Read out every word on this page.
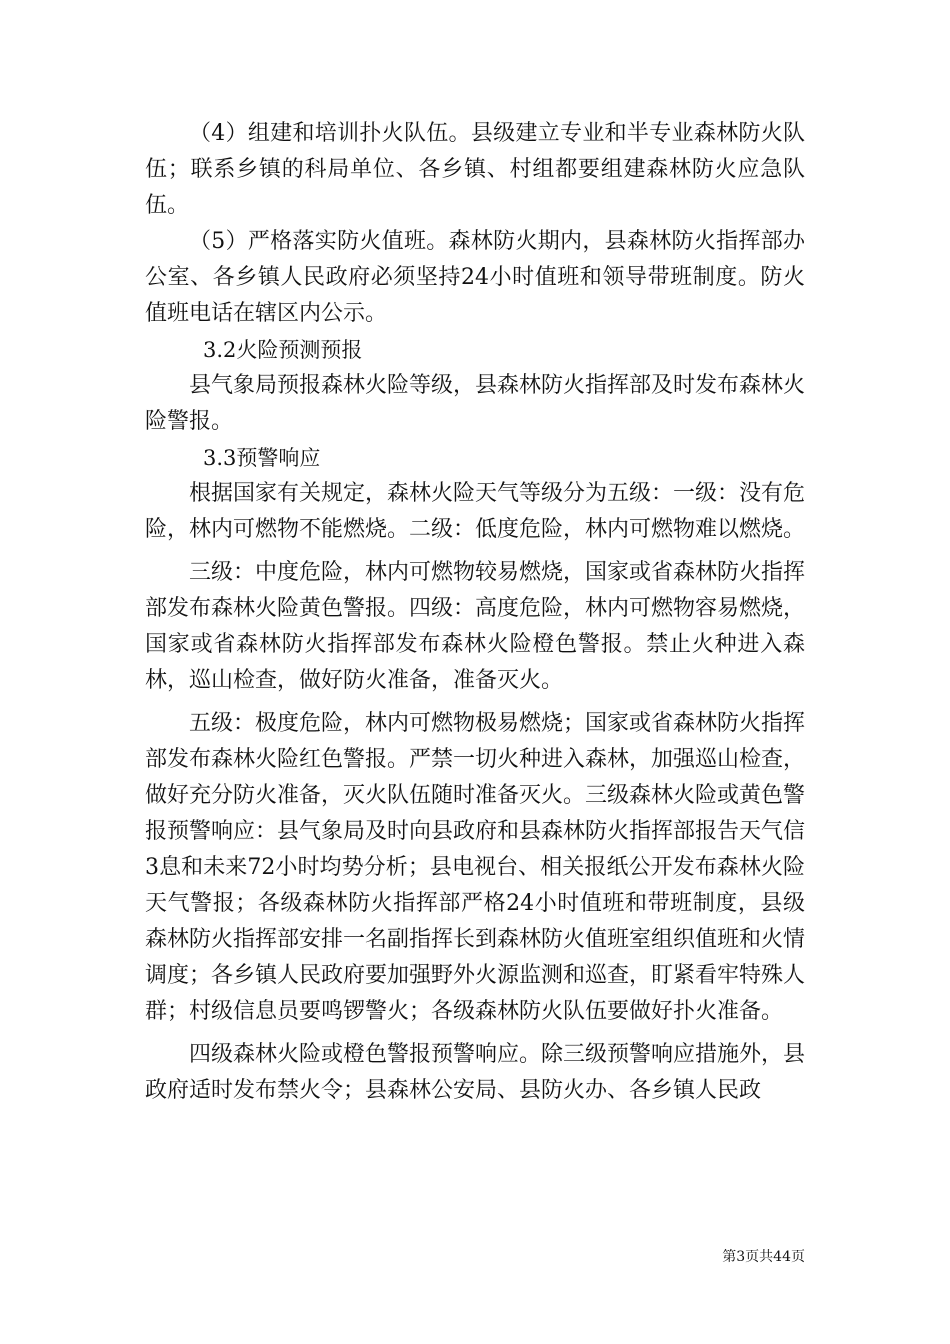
（4）组建和培训扑火队伍。县级建立专业和半专业森林防火队伍；联系乡镇的科局单位、各乡镇、村组都要组建森林防火应急队伍。

（5）严格落实防火值班。森林防火期内，县森林防火指挥部办公室、各乡镇人民政府必须坚持24小时值班和领导带班制度。防火值班电话在辖区内公示。

3.2火险预测预报

县气象局预报森林火险等级，县森林防火指挥部及时发布森林火险警报。

3.3预警响应

根据国家有关规定，森林火险天气等级分为五级：一级：没有危险，林内可燃物不能燃烧。二级：低度危险，林内可燃物难以燃烧。

三级：中度危险，林内可燃物较易燃烧，国家或省森林防火指挥部发布森林火险黄色警报。四级：高度危险，林内可燃物容易燃烧，国家或省森林防火指挥部发布森林火险橙色警报。禁止火种进入森林，巡山检查，做好防火准备，准备灭火。

五级：极度危险，林内可燃物极易燃烧；国家或省森林防火指挥部发布森林火险红色警报。严禁一切火种进入森林，加强巡山检查，做好充分防火准备，灭火队伍随时准备灭火。三级森林火险或黄色警报预警响应：县气象局及时向县政府和县森林防火指挥部报告天气信3息和未来72小时均势分析；县电视台、相关报纸公开发布森林火险天气警报；各级森林防火指挥部严格24小时值班和带班制度，县级森林防火指挥部安排一名副指挥长到森林防火值班室组织值班和火情调度；各乡镇人民政府要加强野外火源监测和巡查，盯紧看牢特殊人群；村级信息员要鸣锣警火；各级森林防火队伍要做好扑火准备。

四级森林火险或橙色警报预警响应。除三级预警响应措施外，县政府适时发布禁火令；县森林公安局、县防火办、各乡镇人民政

第3页共44页
